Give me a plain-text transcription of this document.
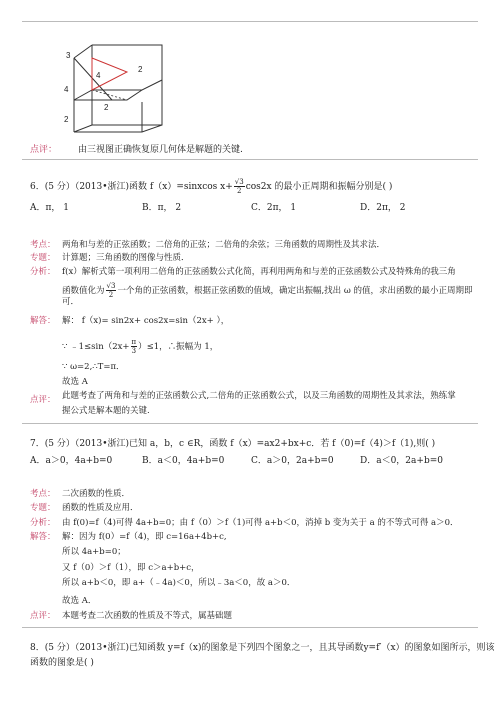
3
4
4
2
2
2
点评： 由三视图正确恢复原几何体是解题的关键.
6．(5 分）（2013•浙江)函数 f（x）=sinxcos $x+ \frac{√3}{2} \cos 2x$ 的最小正周期和振幅分别是( )
A．π， 1	B．π， 2	C．2π， 1	D．2π， 2
考点： 两角和与差的正弦函数；二倍角的正弦；二倍角的余弦；三角函数的周期性及其求法．
专题： 计算题；三角函数的图像与性质．
分析： f(x）解析式第一项利用二倍角的正弦函数公式化简，再利用两角和与差的正弦函数公式及特殊角的我三角
函数值化为 $\frac{√3}{2}$ 一个角的正弦函数，根据正弦函数的值域，确定出振幅,找出 ω 的值，求出函数的最小正周期即
可．
解答： 解： f（x)= sin2x+ cos2x=sin（2x+ ），
∵ ﹣1≤sin（2x+ $\frac{\pi}{3} )\le 1$，∴振幅为 1，
∵ ω=2,∴T=π．
故选 A
点评： 此题考查了两角和与差的正弦函数公式,二倍角的正弦函数公式，以及三角函数的周期性及其求法，熟练掌
握公式是解本题的关键.
7．(5 分）（2013•浙江)已知 a，b，c ∈R，函数 f（x）=ax2+bx+c．若 f（0)=f（4)＞f（1),则( )
A．a＞0，4a+b=0	B．a＜0，4a+b=0	C．a＞0，2a+b=0	D．a＜0，2a+b=0
考点： 二次函数的性质．
专题： 函数的性质及应用．
分析： 由 f(0)=f（4)可得 4a+b=0；由 f（0）＞f（1)可得 a+b＜0，消掉 b 变为关于 a 的不等式可得 a＞0．
解答： 解：因为 f(0）=f（4)，即 c=16a+4b+c,
所以 4a+b=0；
又 f（0）＞f（1），即 c＞a+b+c，
所以 a+b＜0，即 a+（﹣4a)＜0，所以﹣3a＜0，故 a＞0．
故选 A．
点评： 本题考查二次函数的性质及不等式，属基础题
8．(5 分）（2013•浙江)已知函数 y=f（x)的图象是下列四个图象之一，且其导函数y=f′（x）的图象如图所示，则该
函数的图象是( )
